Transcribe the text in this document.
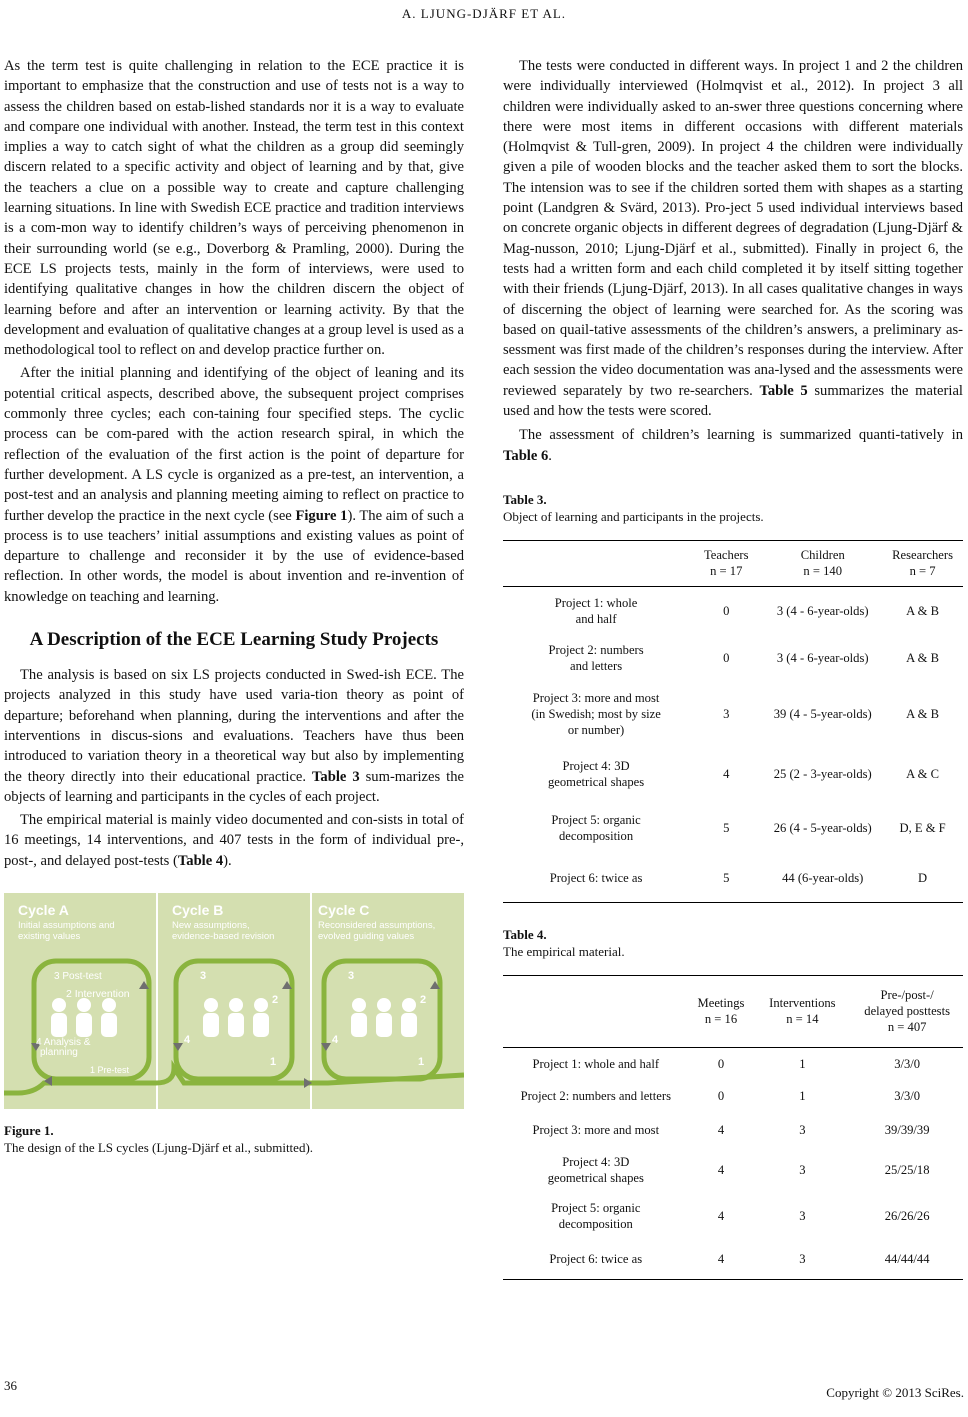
A. LJUNG-DJÄRF ET AL.

As the term test is quite challenging in relation to the ECE practice it is important to emphasize that the construction and use of tests not is a way to assess the children based on estab-lished standards nor it is a way to evaluate and compare one individual with another. Instead, the term test in this context implies a way to catch sight of what the children as a group did seemingly discern related to a specific activity and object of learning and by that, give the teachers a clue on a possible way to create and capture challenging learning situations. In line with Swedish ECE practice and tradition interviews is a com-mon way to identify children’s ways of perceiving phenomenon in their surrounding world (se e.g., Doverborg & Pramling, 2000). During the ECE LS projects tests, mainly in the form of interviews, were used to identifying qualitative changes in how the children discern the object of learning before and after an intervention or learning activity. By that the development and evaluation of qualitative changes at a group level is used as a methodological tool to reflect on and develop practice further on.

After the initial planning and identifying of the object of leaning and its potential critical aspects, described above, the subsequent project comprises commonly three cycles; each con-taining four specified steps. The cyclic process can be com-pared with the action research spiral, in which the reflection of the evaluation of the first action is the point of departure for further development. A LS cycle is organized as a pre-test, an intervention, a post-test and an analysis and planning meeting aiming to reflect on practice to further develop the practice in the next cycle (see Figure 1). The aim of such a process is to use teachers’ initial assumptions and existing values as point of departure to challenge and reconsider it by the use of evidence-based reflection. In other words, the model is about invention and re-invention of knowledge on teaching and learning.

A Description of the ECE Learning Study Projects

The analysis is based on six LS projects conducted in Swed-ish ECE. The projects analyzed in this study have used varia-tion theory as point of departure; beforehand when planning, during the interventions and after the interventions in discus-sions and evaluations. Teachers have thus been introduced to variation theory in a theoretical way but also by implementing the theory directly into their educational practice. Table 3 sum-marizes the objects of learning and participants in the cycles of each project.

The empirical material is mainly video documented and con-sists in total of 16 meetings, 14 interventions, and 407 tests in the form of individual pre-, post-, and delayed post-tests (Table 4).

Cycle A
Initial assumptions and
existing values
Cycle B
New assumptions,
evidence-based revision
Cycle C
Reconsidered assumptions,
evolved guiding values
3 Post-test
2 Intervention
4 Analysis &
planning
1 Pre-test
3
2
4
1
3
2
4
1
Figure 1.
The design of the LS cycles (Ljung-Djärf et al., submitted).

The tests were conducted in different ways. In project 1 and 2 the children were individually interviewed (Holmqvist et al., 2012). In project 3 all children were individually asked to an-swer three questions concerning where there were most items in different occasions with different materials (Holmqvist & Tull-gren, 2009). In project 4 the children were individually given a pile of wooden blocks and the teacher asked them to sort the blocks. The intension was to see if the children sorted them with shapes as a starting point (Landgren & Svärd, 2013). Pro-ject 5 used individual interviews based on concrete organic objects in different degrees of degradation (Ljung-Djärf & Mag-nusson, 2010; Ljung-Djärf et al., submitted). Finally in project 6, the tests had a written form and each child completed it by itself sitting together with their friends (Ljung-Djärf, 2013). In all cases qualitative changes in ways of discerning the object of learning were searched for. As the scoring was based on quail-tative assessments of the children’s answers, a preliminary as-sessment was first made of the children’s responses during the interview. After each session the video documentation was ana-lysed and the assessments were reviewed separately by two re-searchers. Table 5 summarizes the material used and how the tests were scored.

The assessment of children’s learning is summarized quanti-tatively in Table 6.

Table 3.
Object of learning and participants in the projects.
	Teachers
n = 17	Children
n = 140	Researchers
n = 7
Project 1: whole
and half	0	3 (4 - 6-year-olds)	A & B
Project 2: numbers
and letters	0	3 (4 - 6-year-olds)	A & B
Project 3: more and most
(in Swedish; most by size
or number)	3	39 (4 - 5-year-olds)	A & B
Project 4: 3D
geometrical shapes	4	25 (2 - 3-year-olds)	A & C
Project 5: organic
decomposition	5	26 (4 - 5-year-olds)	D, E & F
Project 6: twice as	5	44 (6-year-olds)	D
Table 4.
The empirical material.
	Meetings
n = 16	Interventions
n = 14	Pre-/post-/
delayed posttests
n = 407
Project 1: whole and half	0	1	3/3/0
Project 2: numbers and letters	0	1	3/3/0
Project 3: more and most	4	3	39/39/39
Project 4: 3D
geometrical shapes	4	3	25/25/18
Project 5: organic
decomposition	4	3	26/26/26
Project 6: twice as	4	3	44/44/44
36	Copyright © 2013 SciRes.
